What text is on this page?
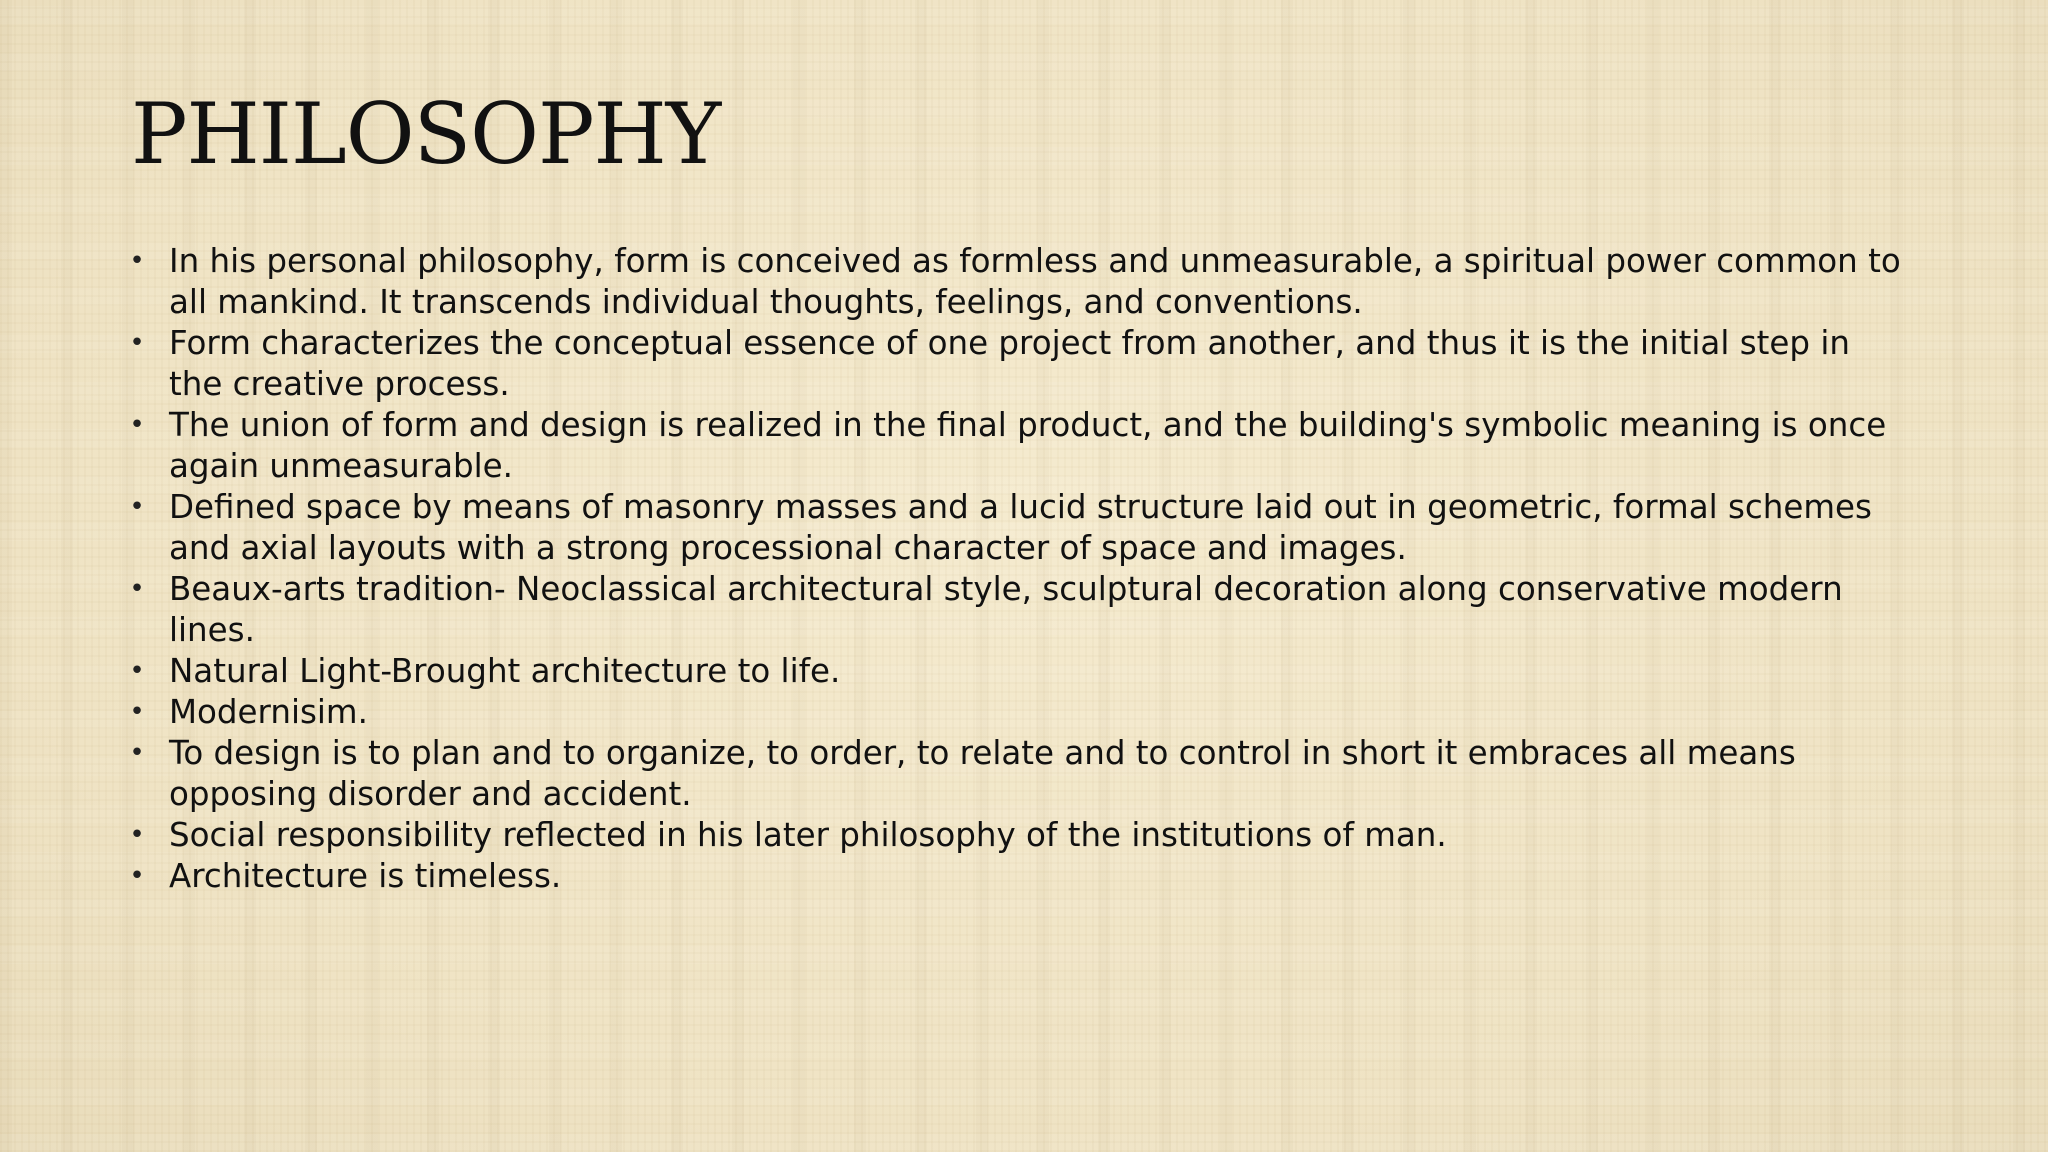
PHILOSOPHY
• In his personal philosophy, form is conceived as formless and unmeasurable, a spiritual power common to all mankind. It transcends individual thoughts, feelings, and conventions.
• Form characterizes the conceptual essence of one project from another, and thus it is the initial step in the creative process.
• The union of form and design is realized in the final product, and the building's symbolic meaning is once again unmeasurable.
• Defined space by means of masonry masses and a lucid structure laid out in geometric, formal schemes and axial layouts with a strong processional character of space and images.
• Beaux-arts tradition- Neoclassical architectural style, sculptural decoration along conservative modern lines.
• Natural Light-Brought architecture to life.
• Modernisim.
• To design is to plan and to organize, to order, to relate and to control in short it embraces all means opposing disorder and accident.
• Social responsibility reflected in his later philosophy of the institutions of man.
• Architecture is timeless.
